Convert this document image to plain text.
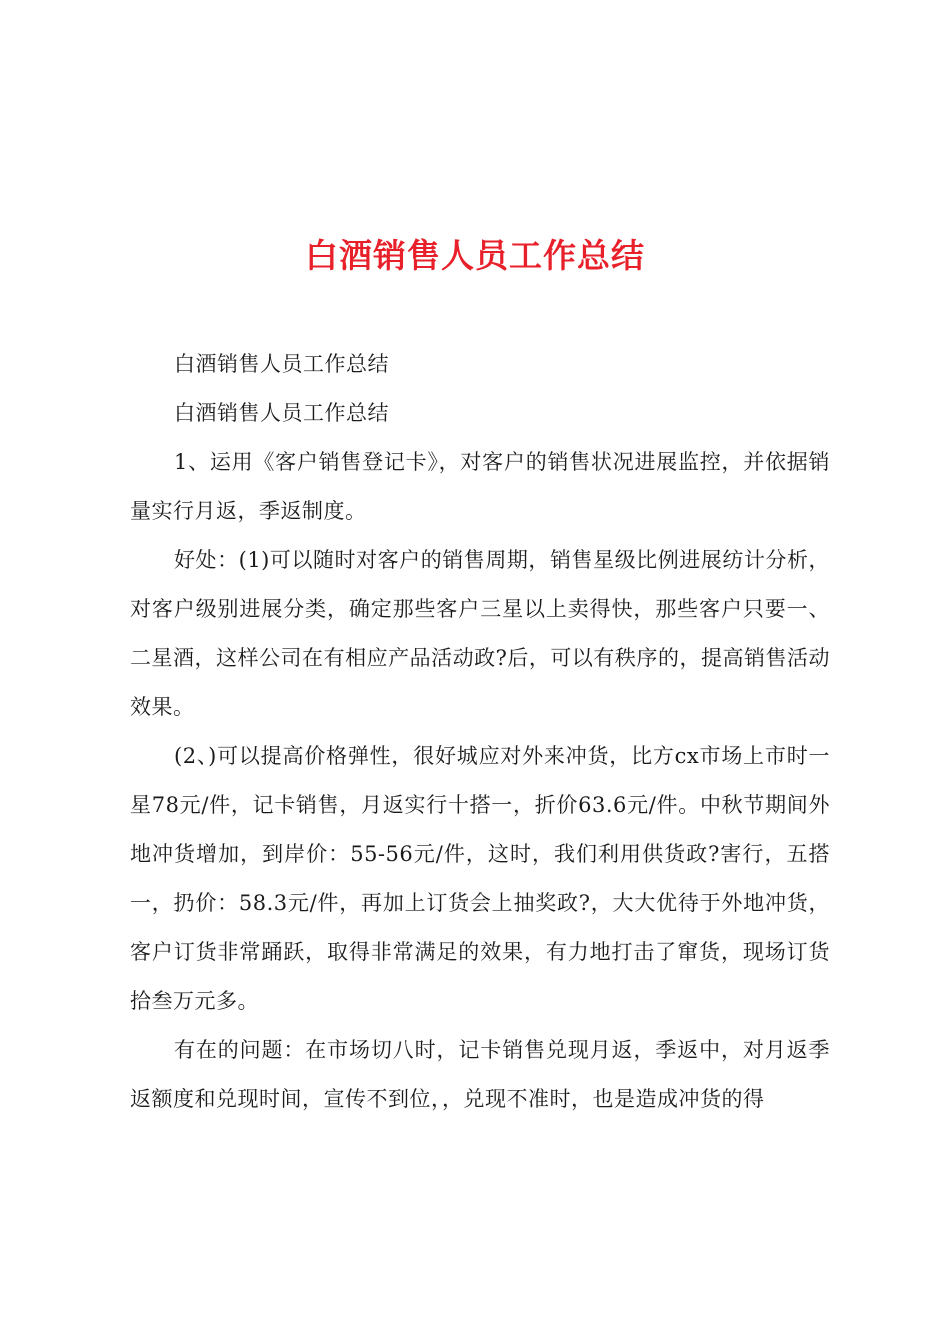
白酒销售人员工作总结

白酒销售人员工作总结

白酒销售人员工作总结

1、运用《客户销售登记卡》，对客户的销售状况进展监控，并依据销量实行月返，季返制度。

好处：(1)可以随时对客户的销售周期，销售星级比例进展纺计分析，对客户级别进展分类，确定那些客户三星以上卖得快，那些客户只要一、二星酒，这样公司在有相应产品活动政?后，可以有秩序的，提高销售活动效果。

(2、)可以提高价格弹性，很好城应对外来冲货，比方cx市场上市时一星78元/件，记卡销售，月返实行十搭一，折价63.6元/件。中秋节期间外地冲货增加，到岸价：55-56元/件，这时，我们利用供货政?害行，五搭一，扔价：58.3元/件，再加上订货会上抽奖政?，大大优待于外地冲货，客户订货非常踊跃，取得非常满足的效果，有力地打击了窜货，现场订货拾叁万元多。

有在的问题：在市场切八时，记卡销售兑现月返，季返中，对月返季返额度和兑现时间，宣传不到位，，兑现不准时，也是造成冲货的得
